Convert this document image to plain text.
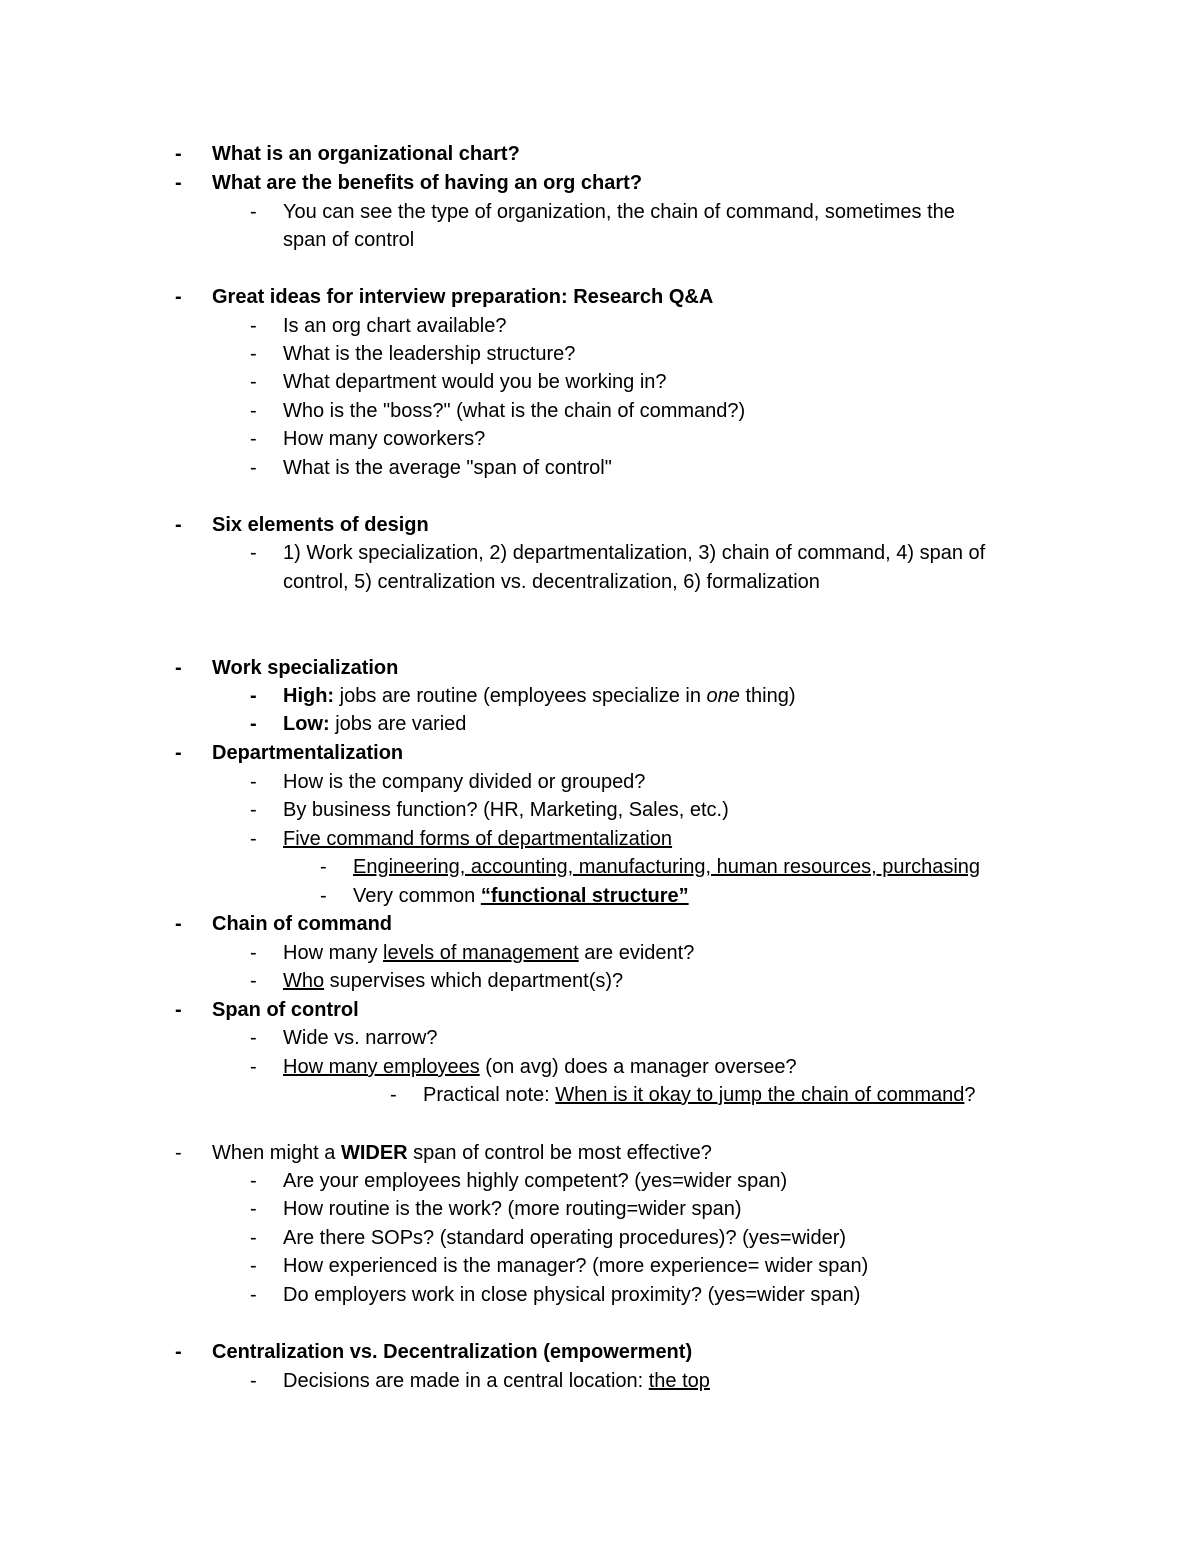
- What is an organizational chart?
- What are the benefits of having an org chart?
- You can see the type of organization, the chain of command, sometimes the
span of control
- Great ideas for interview preparation: Research Q&A
- Is an org chart available?
- What is the leadership structure?
- What department would you be working in?
- Who is the "boss?" (what is the chain of command?)
- How many coworkers?
- What is the average "span of control"
- Six elements of design
- 1) Work specialization, 2) departmentalization, 3) chain of command, 4) span of
control, 5) centralization vs. decentralization, 6) formalization
- Work specialization
- High: jobs are routine (employees specialize in one thing)
- Low: jobs are varied
- Departmentalization
- How is the company divided or grouped?
- By business function? (HR, Marketing, Sales, etc.)
- Five command forms of departmentalization
- Engineering, accounting, manufacturing, human resources, purchasing
- Very common “functional structure”
- Chain of command
- How many levels of management are evident?
- Who supervises which department(s)?
- Span of control
- Wide vs. narrow?
- How many employees (on avg) does a manager oversee?
- Practical note: When is it okay to jump the chain of command?
- When might a WIDER span of control be most effective?
- Are your employees highly competent? (yes=wider span)
- How routine is the work? (more routing=wider span)
- Are there SOPs? (standard operating procedures)? (yes=wider)
- How experienced is the manager? (more experience= wider span)
- Do employers work in close physical proximity? (yes=wider span)
- Centralization vs. Decentralization (empowerment)
- Decisions are made in a central location: the top
